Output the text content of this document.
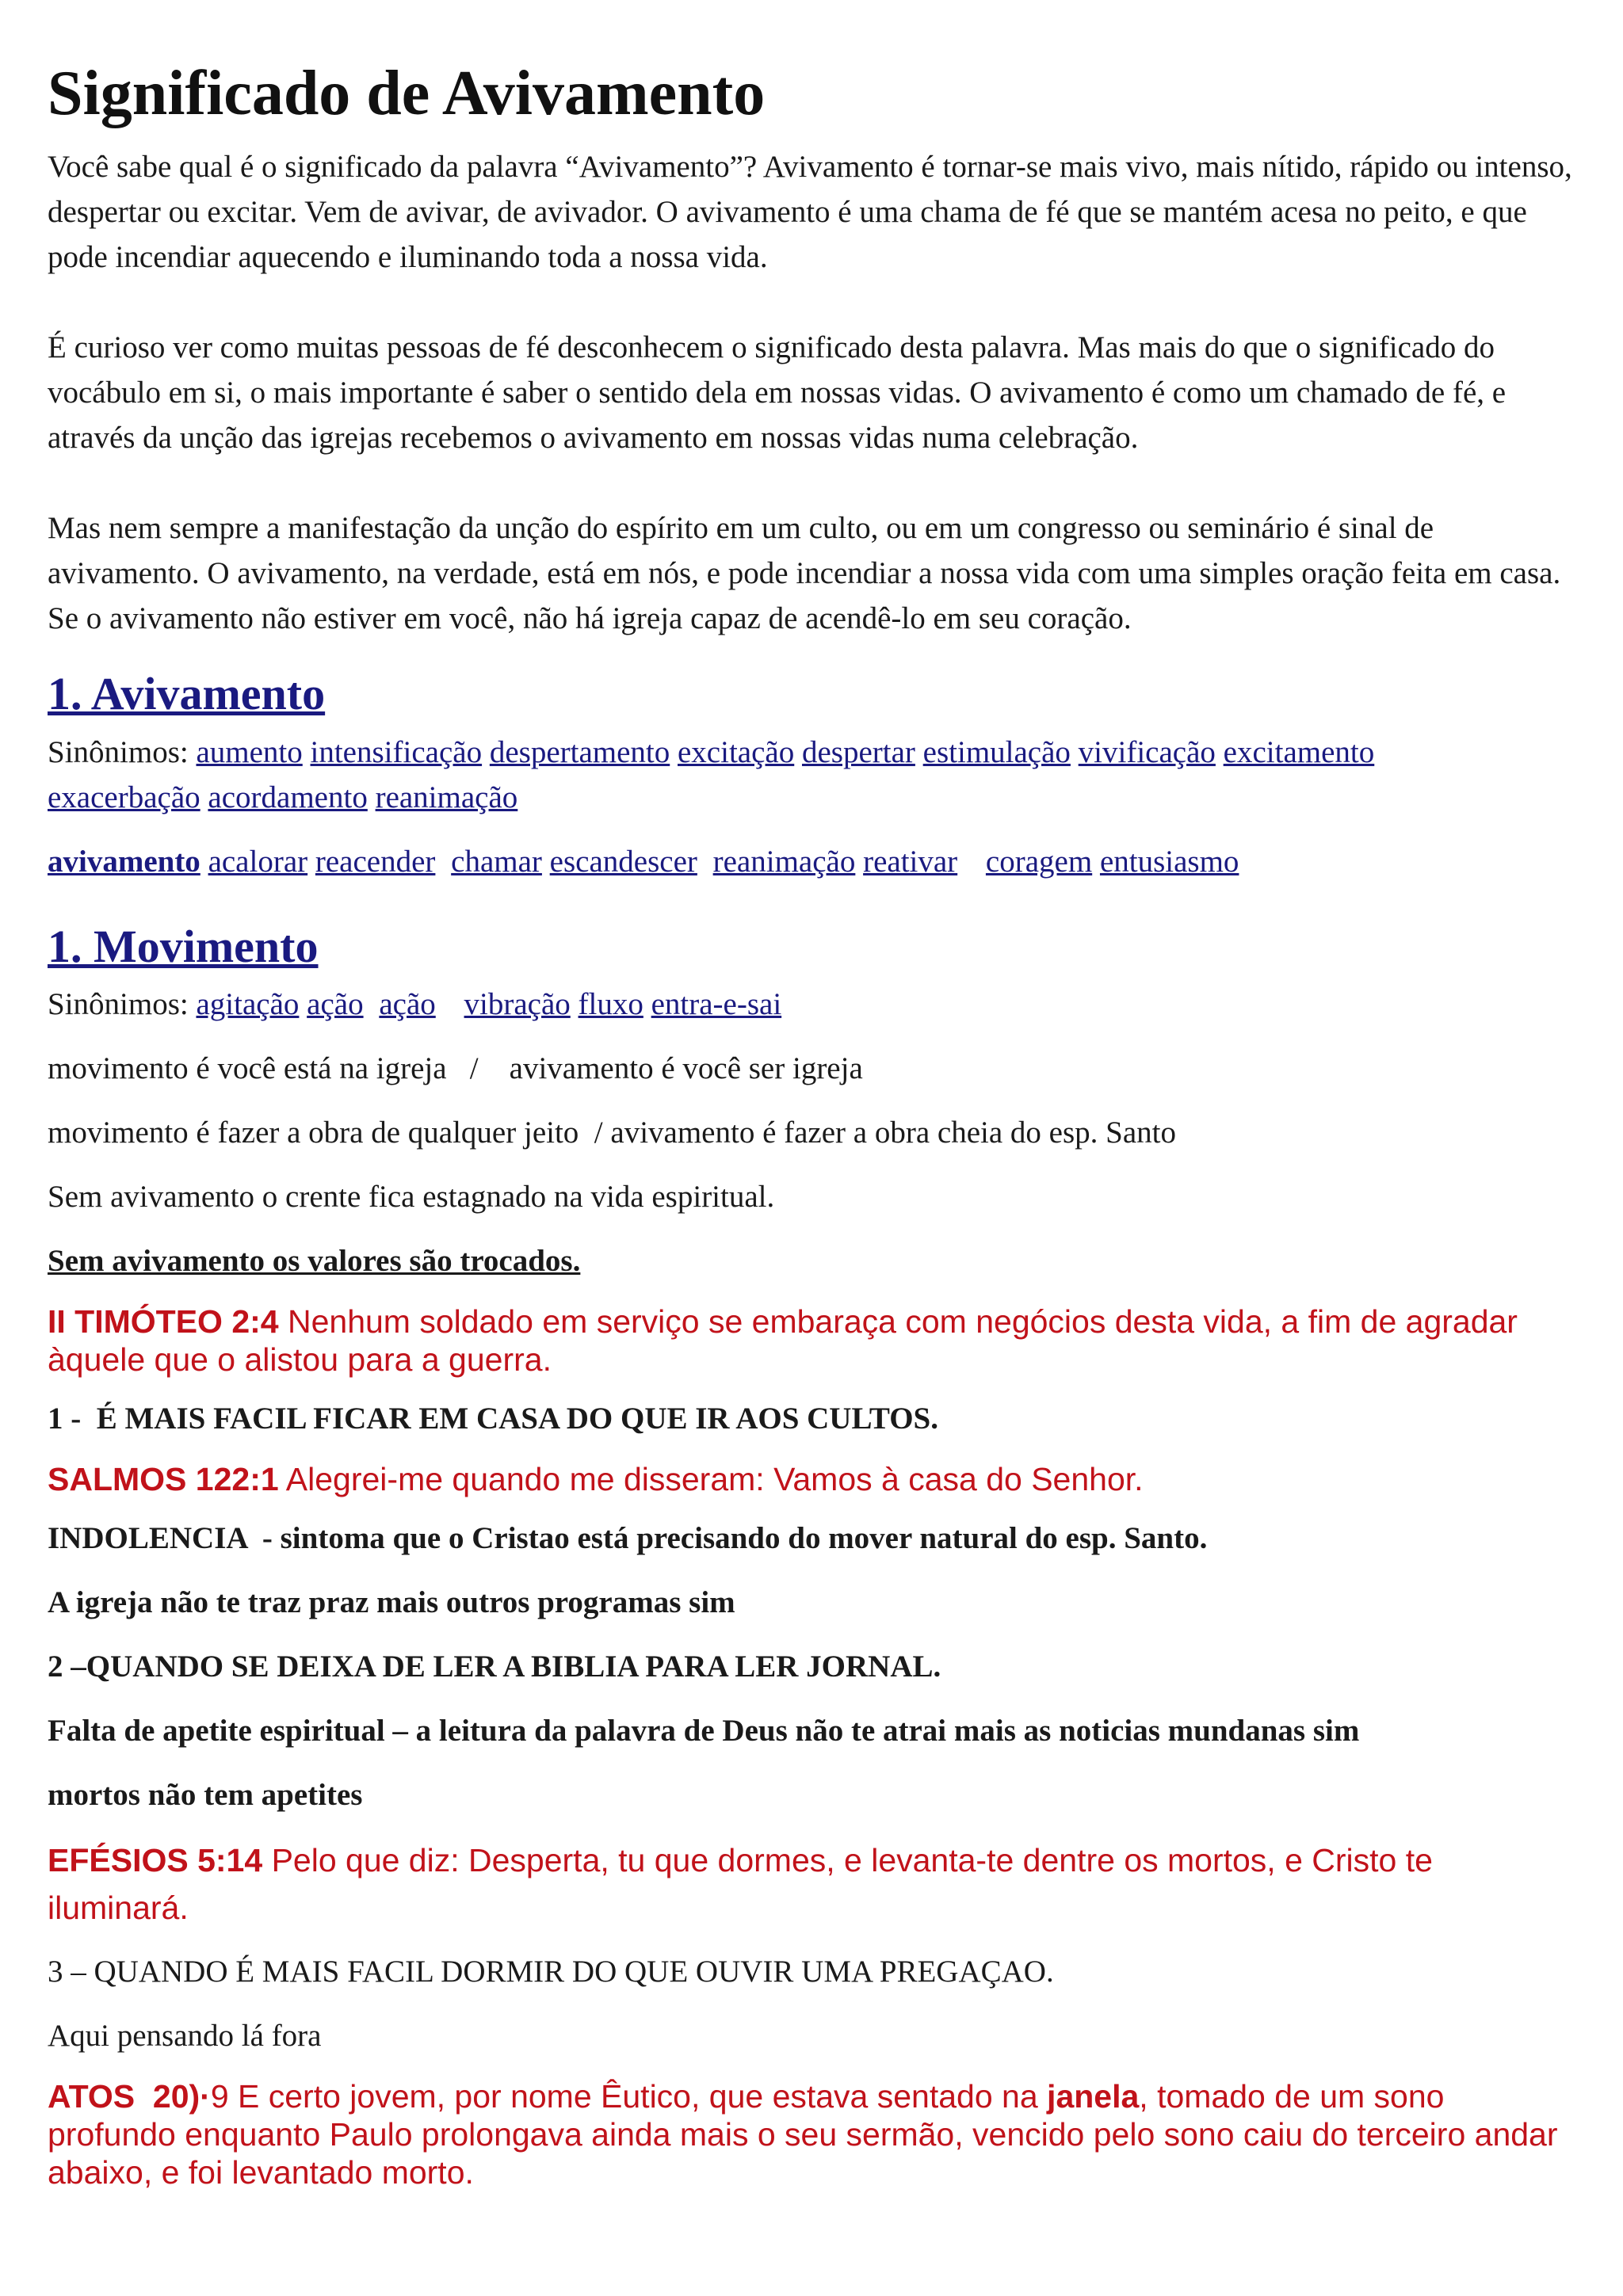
Significado de Avivamento

Você sabe qual é o significado da palavra “Avivamento”? Avivamento é tornar-se mais vivo, mais nítido, rápido ou intenso, despertar ou excitar. Vem de avivar, de avivador. O avivamento é uma chama de fé que se mantém acesa no peito, e que pode incendiar aquecendo e iluminando toda a nossa vida.

É curioso ver como muitas pessoas de fé desconhecem o significado desta palavra. Mas mais do que o significado do vocábulo em si, o mais importante é saber o sentido dela em nossas vidas. O avivamento é como um chamado de fé, e através da unção das igrejas recebemos o avivamento em nossas vidas numa celebração.

Mas nem sempre a manifestação da unção do espírito em um culto, ou em um congresso ou seminário é sinal de avivamento. O avivamento, na verdade, está em nós, e pode incendiar a nossa vida com uma simples oração feita em casa. Se o avivamento não estiver em você, não há igreja capaz de acendê-lo em seu coração.

1. Avivamento
Sinônimos: aumento intensificação despertamento excitação despertar estimulação vivificação excitamento
exacerbação acordamento reanimação
avivamento acalorar reacender chamar escandescer reanimação reativar coragem entusiasmo
1. Movimento
Sinônimos: agitação ação ação vibração fluxo entra-e-sai
movimento é você está na igreja   /    avivamento é você ser igreja
movimento é fazer a obra de qualquer jeito  / avivamento é fazer a obra cheia do esp. Santo
Sem avivamento o crente fica estagnado na vida espiritual.
Sem avivamento os valores são trocados.
II TIMÓTEO 2:4 Nenhum soldado em serviço se embaraça com negócios desta vida, a fim de agradar àquele que o alistou para a guerra.
1 -  É MAIS FACIL FICAR EM CASA DO QUE IR AOS CULTOS.
SALMOS 122:1 Alegrei-me quando me disseram: Vamos à casa do Senhor.
INDOLENCIA  - sintoma que o Cristao está precisando do mover natural do esp. Santo.
A igreja não te traz praz mais outros programas sim
2 –QUANDO SE DEIXA DE LER A BIBLIA PARA LER JORNAL.
Falta de apetite espiritual – a leitura da palavra de Deus não te atrai mais as noticias mundanas sim
mortos não tem apetites
EFÉSIOS 5:14 Pelo que diz: Desperta, tu que dormes, e levanta-te dentre os mortos, e Cristo te iluminará.
3 – QUANDO É MAIS FACIL DORMIR DO QUE OUVIR UMA PREGAÇAO.
Aqui pensando lá fora
ATOS  20)·9 E certo jovem, por nome Êutico, que estava sentado na janela, tomado de um sono profundo enquanto Paulo prolongava ainda mais o seu sermão, vencido pelo sono caiu do terceiro andar abaixo, e foi levantado morto.
